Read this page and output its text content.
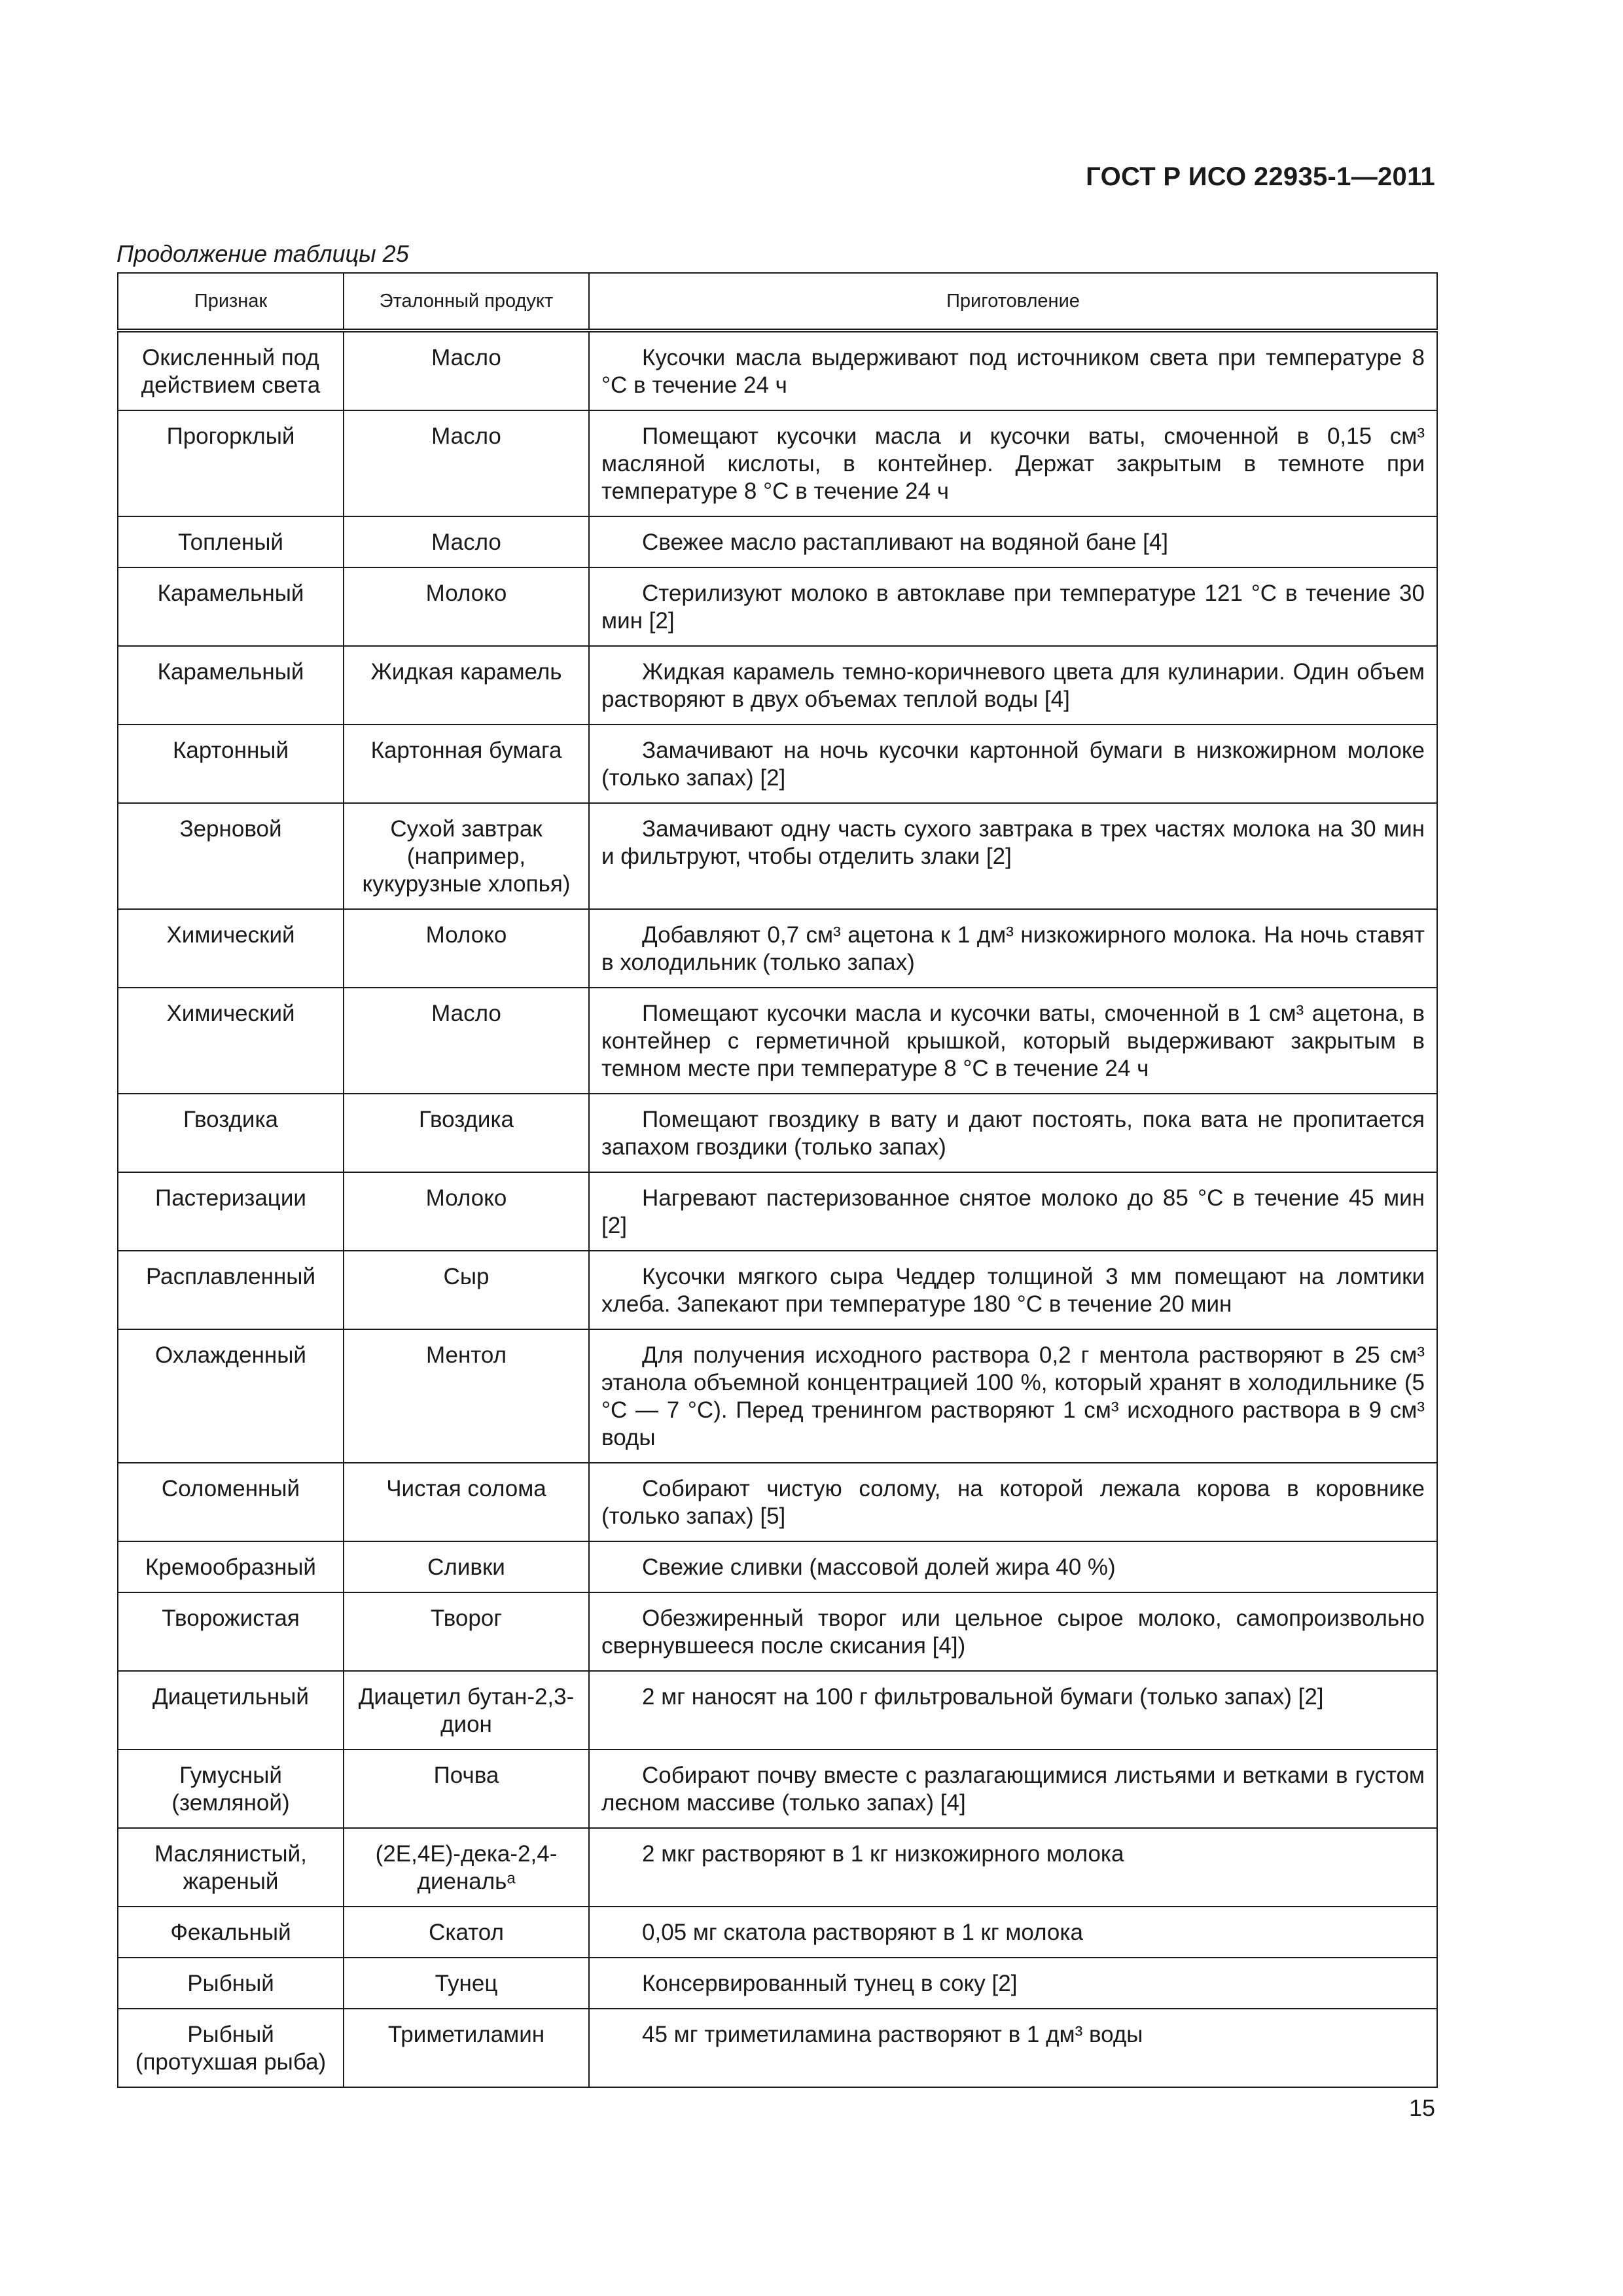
ГОСТ Р ИСО 22935-1—2011
Продолжение таблицы 25
Признак	Эталонный продукт	Приготовление
Окисленный под действием света	Масло	Кусочки масла выдерживают под источником света при температуре 8 °С в течение 24 ч
Прогорклый	Масло	Помещают кусочки масла и кусочки ваты, смоченной в 0,15 см³ масляной кислоты, в контейнер. Держат закрытым в темноте при температуре 8 °С в течение 24 ч
Топленый	Масло	Свежее масло растапливают на водяной бане [4]
Карамельный	Молоко	Стерилизуют молоко в автоклаве при температуре 121 °С в течение 30 мин [2]
Карамельный	Жидкая карамель	Жидкая карамель темно-коричневого цвета для кулинарии. Один объем растворяют в двух объемах теплой воды [4]
Картонный	Картонная бумага	Замачивают на ночь кусочки картонной бумаги в низкожирном молоке (только запах) [2]
Зерновой	Сухой завтрак (например, кукурузные хлопья)	Замачивают одну часть сухого завтрака в трех частях молока на 30 мин и фильтруют, чтобы отделить злаки [2]
Химический	Молоко	Добавляют 0,7 см³ ацетона к 1 дм³ низкожирного молока. На ночь ставят в холодильник (только запах)
Химический	Масло	Помещают кусочки масла и кусочки ваты, смоченной в 1 см³ ацетона, в контейнер с герметичной крышкой, который выдерживают закрытым в темном месте при температуре 8 °С в течение 24 ч
Гвоздика	Гвоздика	Помещают гвоздику в вату и дают постоять, пока вата не пропитается запахом гвоздики (только запах)
Пастеризации	Молоко	Нагревают пастеризованное снятое молоко до 85 °С в течение 45 мин [2]
Расплавленный	Сыр	Кусочки мягкого сыра Чеддер толщиной 3 мм помещают на ломтики хлеба. Запекают при температуре 180 °С в течение 20 мин
Охлажденный	Ментол	Для получения исходного раствора 0,2 г ментола растворяют в 25 см³ этанола объемной концентрацией 100 %, который хранят в холодильнике (5 °С — 7 °С). Перед тренингом растворяют 1 см³ исходного раствора в 9 см³ воды
Соломенный	Чистая солома	Собирают чистую солому, на которой лежала корова в коровнике (только запах) [5]
Кремообразный	Сливки	Свежие сливки (массовой долей жира 40 %)
Творожистая	Творог	Обезжиренный творог или цельное сырое молоко, самопроизвольно свернувшееся после скисания [4])
Диацетильный	Диацетил бутан-2,3-дион	2 мг наносят на 100 г фильтровальной бумаги (только запах) [2]
Гумусный (земляной)	Почва	Собирают почву вместе с разлагающимися листьями и ветками в густом лесном массиве (только запах) [4]
Маслянистый, жареный	(2E,4E)-дека-2,4-диенальᵃ	2 мкг растворяют в 1 кг низкожирного молока
Фекальный	Скатол	0,05 мг скатола растворяют в 1 кг молока
Рыбный	Тунец	Консервированный тунец в соку [2]
Рыбный (протухшая рыба)	Триметиламин	45 мг триметиламина растворяют в 1 дм³ воды
15
